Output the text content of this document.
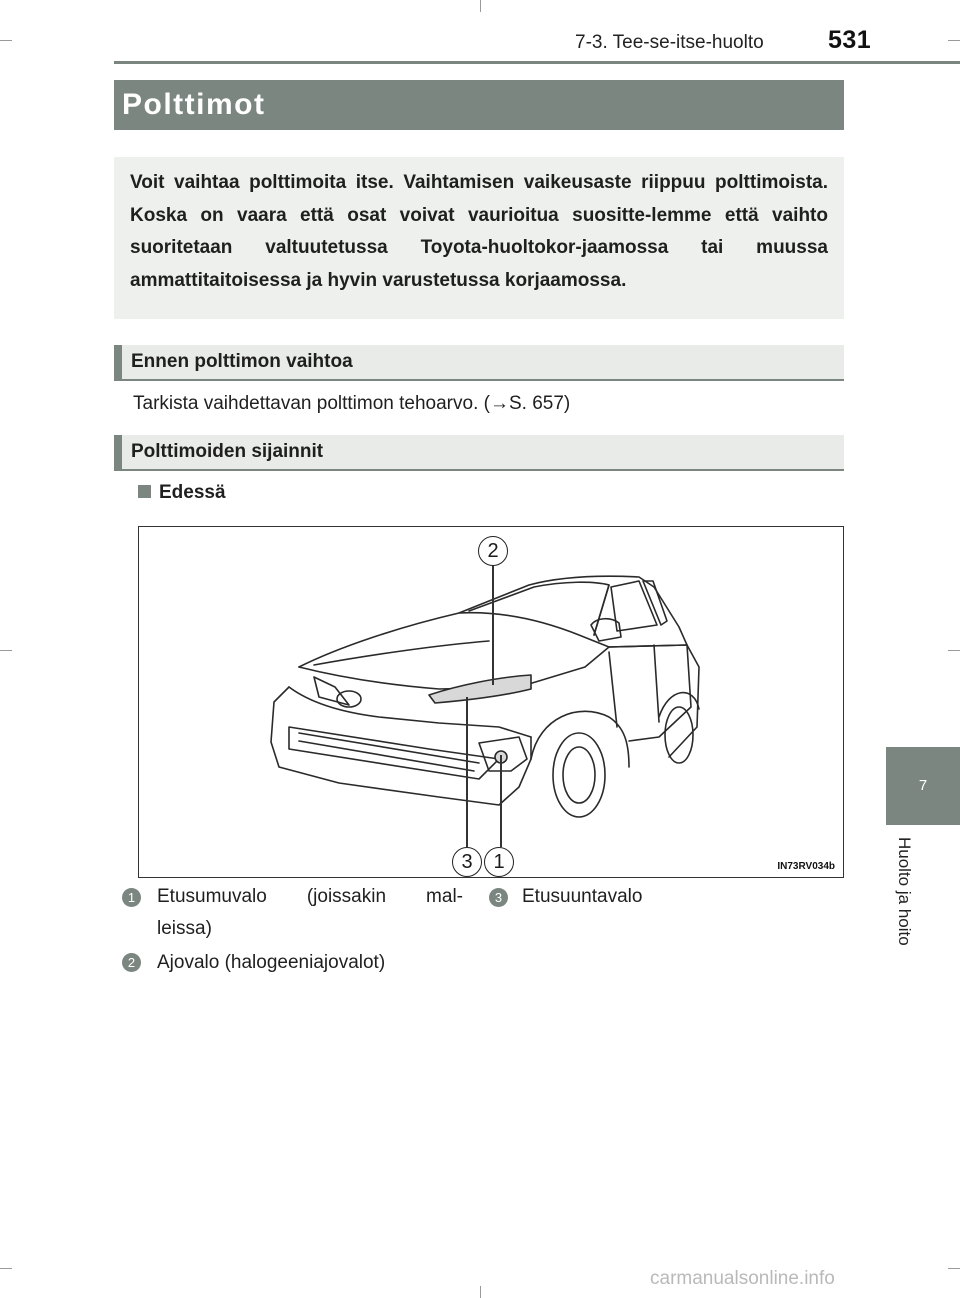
7-3. Tee-se-itse-huolto	531
Polttimot

Voit vaihtaa polttimoita itse. Vaihtamisen vaikeusaste riippuu polttimoista. Koska on vaara että osat voivat vaurioitua suositte-lemme että vaihto suoritetaan valtuutetussa Toyota-huoltokor-jaamossa tai muussa ammattitaitoisessa ja hyvin varustetussa korjaamossa.

Ennen polttimon vaihtoa
Tarkista vaihdettavan polttimon tehoarvo. (→S. 657)
Polttimoiden sijainnit
Edessä
2
3	1	IN73RV034b
1	Etusumuvalo (joissakin mal-
leissa)
2	Ajovalo (halogeeniajovalot)
3	Etusuuntavalo
7
Huolto ja hoito
carmanualsonline.info
